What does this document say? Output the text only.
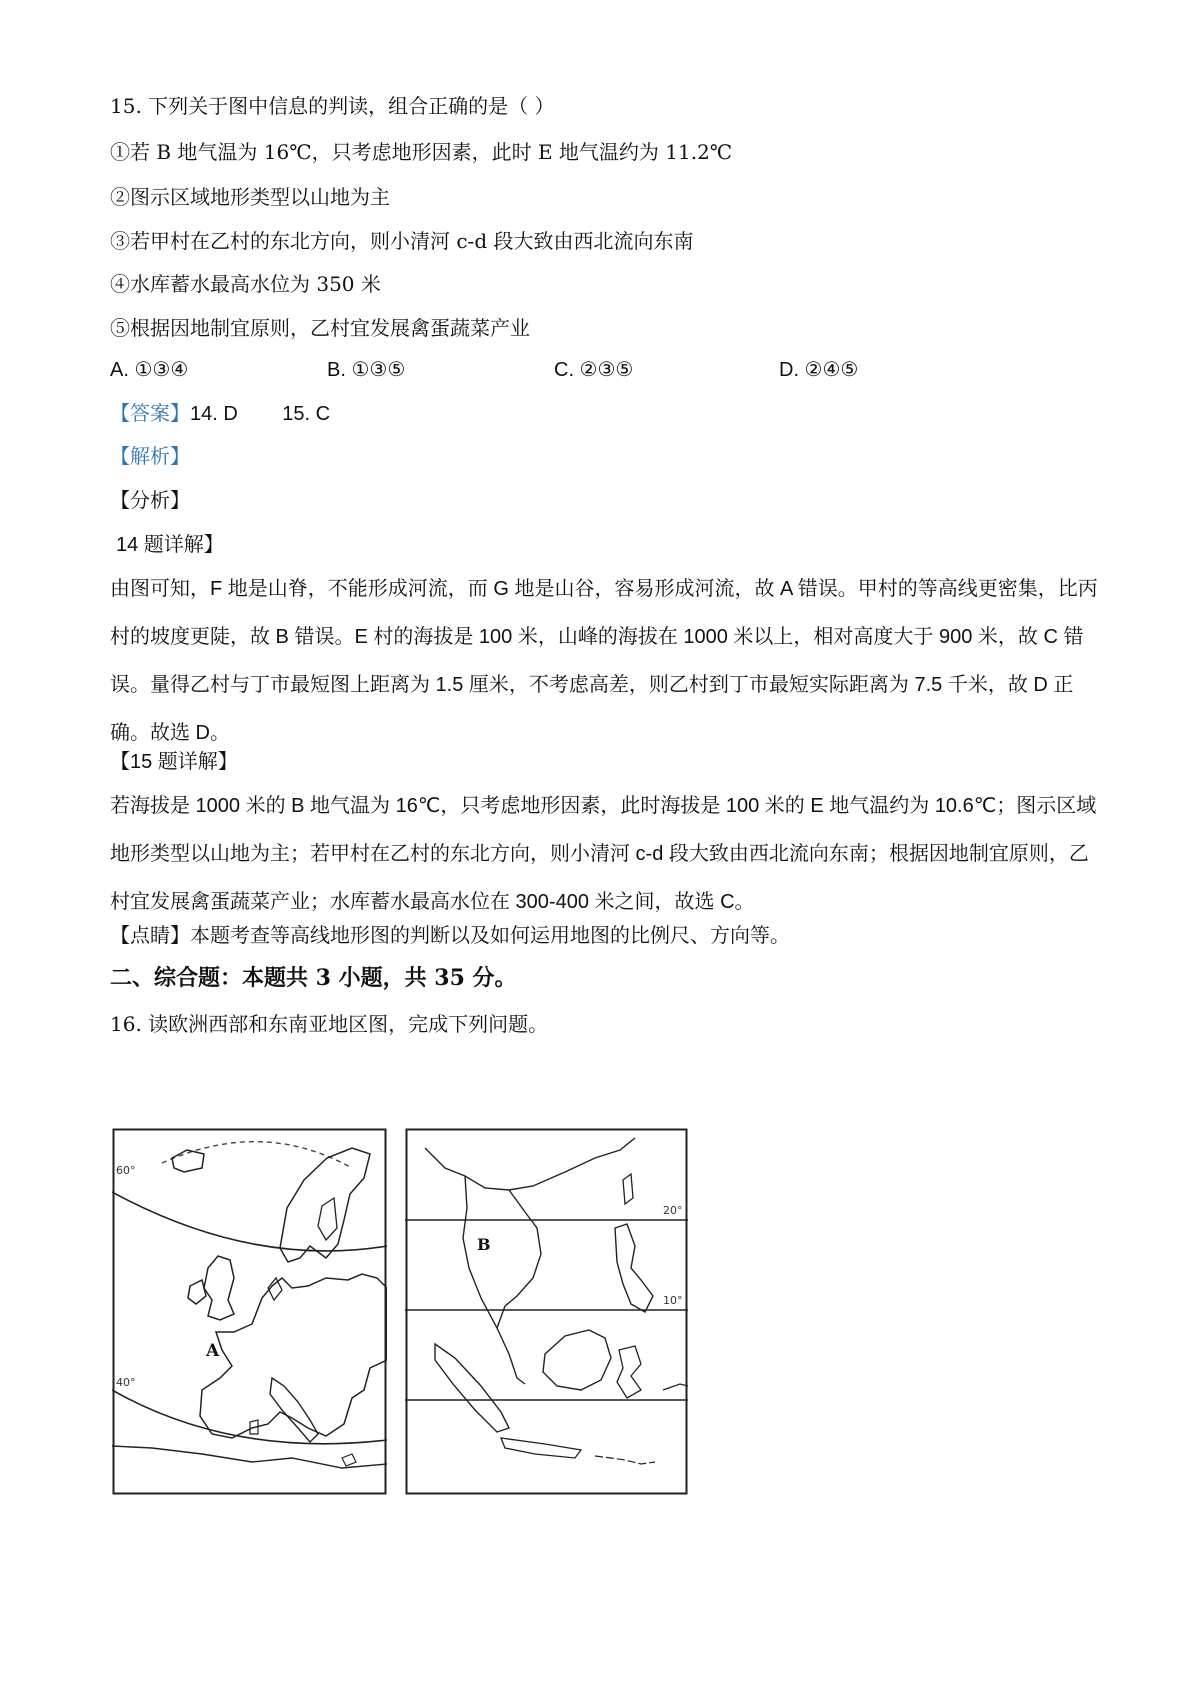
15. 下列关于图中信息的判读，组合正确的是（ ）
①若 B 地气温为 16℃，只考虑地形因素，此时 E 地气温约为 11.2℃
②图示区域地形类型以山地为主
③若甲村在乙村的东北方向，则小清河 c-d 段大致由西北流向东南
④水库蓄水最高水位为 350 米
⑤根据因地制宜原则，乙村宜发展禽蛋蔬菜产业
A. ①③④	B. ①③⑤	C. ②③⑤	D. ②④⑤
【答案】14. D        15. C
【解析】
【分析】
14 题详解】
由图可知，F 地是山脊，不能形成河流，而 G 地是山谷，容易形成河流，故 A 错误。甲村的等高线更密集，比丙村的坡度更陡，故 B 错误。E 村的海拔是 100 米，山峰的海拔在 1000 米以上，相对高度大于 900 米，故 C 错误。量得乙村与丁市最短图上距离为 1.5 厘米，不考虑高差，则乙村到丁市最短实际距离为 7.5 千米，故 D 正确。故选 D。
【15 题详解】
若海拔是 1000 米的 B 地气温为 16℃，只考虑地形因素，此时海拔是 100 米的 E 地气温约为 10.6℃；图示区域地形类型以山地为主；若甲村在乙村的东北方向，则小清河 c-d 段大致由西北流向东南；根据因地制宜原则，乙村宜发展禽蛋蔬菜产业；水库蓄水最高水位在 300-400 米之间，故选 C。
【点睛】本题考查等高线地形图的判断以及如何运用地图的比例尺、方向等。
二、综合题：本题共 3 小题，共 35 分。
16. 读欧洲西部和东南亚地区图，完成下列问题。
60°
40°
A
20°
10°
B
